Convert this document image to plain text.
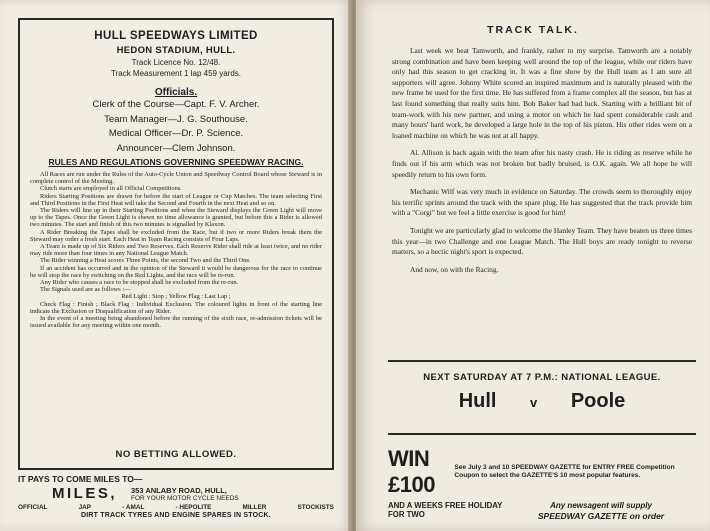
HULL SPEEDWAYS LIMITED
HEDON STADIUM, HULL.
Track Licence No. 12/48.
Track Measurement 1 lap 459 yards.
Officials.
Clerk of the Course—Capt. F. V. Archer.
Team Manager—J. G. Southouse.
Medical Officer—Dr. P. Science.
Announcer—Clem Johnson.
RULES AND REGULATIONS GOVERNING SPEEDWAY RACING.

All Races are run under the Rules of the Auto-Cycle Union and Speedway Control Board whose Steward is in complete control of the Meeting.

Clutch starts are employed in all Official Competitions.

Riders Starting Positions are drawn for before the start of League or Cup Matches. The team selecting First and Third Positions in the First Heat will take the Second and Fourth in the next Heat and so on.

The Riders will line up in their Starting Positions and when the Steward displays the Green Light will move up to the Tapes. Once the Green Light is shewn no time allowance is granted, but before this a Rider is allowed two minutes. The start and finish of this two minutes is signalled by Klaxon.

A Rider Breaking the Tapes shall be excluded from the Race, but if two or more Riders break them the Steward may order a fresh start. Each Heat in Team Racing consists of Four Laps.

A Team is made up of Six Riders and Two Reserves. Each Reserve Rider shall ride at least twice, and no rider may ride more than four times in any National League Match.

The Rider winning a Heat scores Three Points, the second Two and the Third One.

If an accident has occurred and in the opinion of the Steward it would be dangerous for the race to continue he will stop the race by switching on the Red Lights, and the race will be re-run.

Any Rider who causes a race to be stopped shall be excluded from the re-run.

The Signals used are as follows :—

Red Light : Stop ; Yellow Flag : Last Lap ;

Check Flag : Finish ; Black Flag : Individual Exclusion. The coloured lights in front of the starting line indicate the Exclusion or Disqualification of any Rider.

In the event of a meeting being abandoned before the running of the sixth race, re-admission tickets will be issued available for any meeting within one month.

NO BETTING ALLOWED.
IT PAYS TO COME MILES TO—
MILES, 353 ANLABY ROAD, HULL,
FOR YOUR MOTOR CYCLE NEEDS
OFFICIAL	JAP	- AMAL	- HEPOLITE	MILLER	STOCKISTS
DIRT TRACK TYRES AND ENGINE SPARES IN STOCK.
TRACK TALK.

Last week we beat Tamworth, and frankly, rather to my surprise. Tamworth are a notably strong combination and have been keeping well around the top of the league, while our riders have only had this season to get cracking in. It was a fine show by the Hull team as I am sure all supporters will agree. Johnny White scored an inspired maximum and is naturally pleased with the new frame he used for the first time. He has suffered from a frame complex all the season, but has at last found something that really suits him. Bob Baker had bad luck. Starting with a brilliant bit of team-work with his new partner, and using a motor on which he had spent considerable cash and many hours' hard work, he developed a large hole in the top of his piston. His other rides were on a loaned machine on which he was not at all happy.

Al. Allison is back again with the team after his nasty crash. He is riding as reserve while he finds out if his arm which was not broken but badly bruised, is O.K. again. We all hope he will speedily return to his own form.

Mechanic Wilf was very much in evidence on Saturday. The crowds seem to thoroughly enjoy his terrific sprints around the track with the spare plug. He has suggested that the track provide him with a "Corgi" but we feel a little exercise is good for him!

Tonight we are particularly glad to welcome the Hanley Team. They have beaten us three times this year—in two Challenge and one League Match. The Hull boys are ready tonight to reverse matters, so a hectic night's sport is expected.

And now, on with the Racing.

NEXT SATURDAY AT 7 P.M.: NATIONAL LEAGUE.
Hull	v Poole
WIN £100
See July 3 and 10 SPEEDWAY GAZETTE for ENTRY FREE Competition Coupon to select the GAZETTE'S 10 most popular features.
AND A WEEKS FREE HOLIDAY FOR TWO
Any newsagent will supply
SPEEDWAY GAZETTE on order
